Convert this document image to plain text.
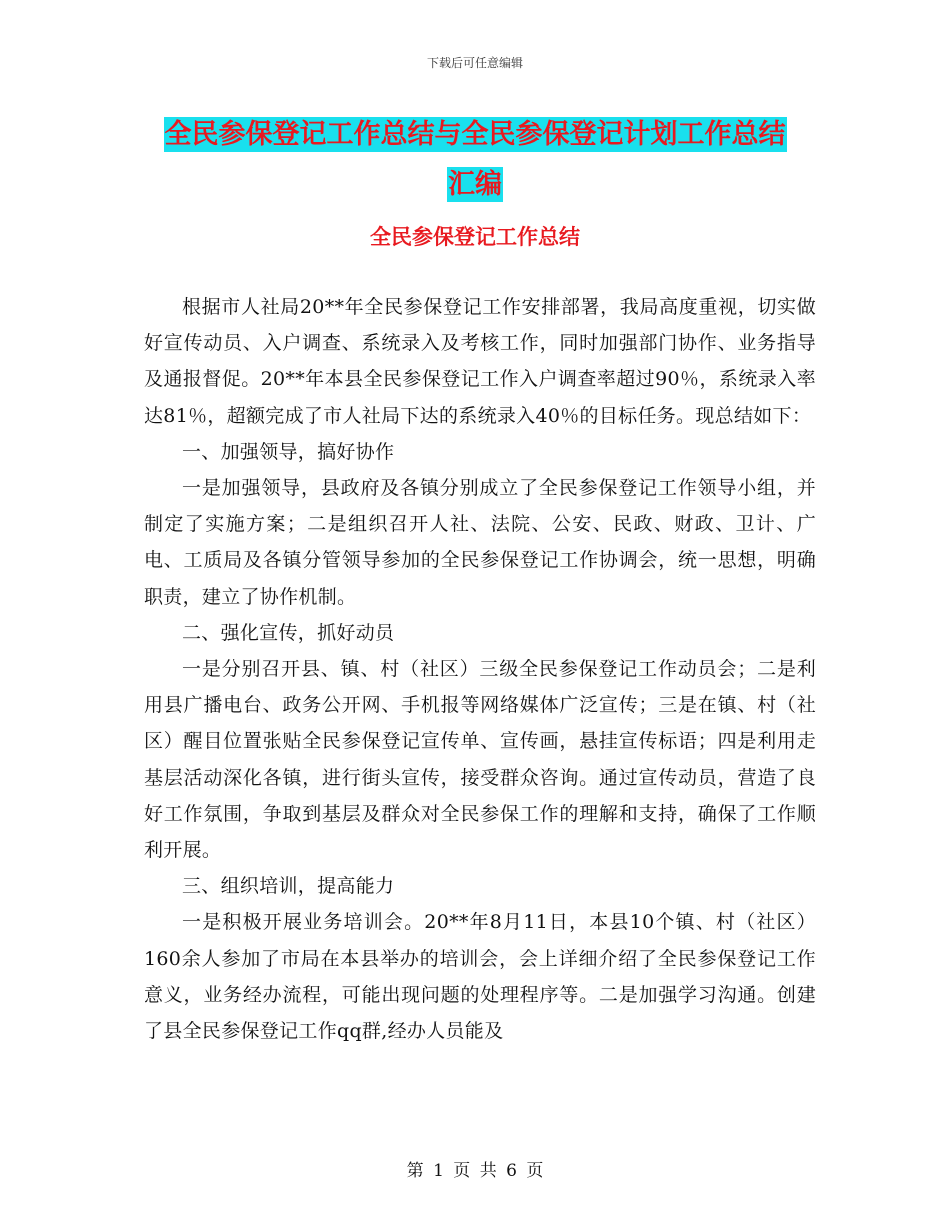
下载后可任意编辑
全民参保登记工作总结与全民参保登记计划工作总结
汇编
全民参保登记工作总结

根据市人社局20**年全民参保登记工作安排部署，我局高度重视，切实做好宣传动员、入户调查、系统录入及考核工作，同时加强部门协作、业务指导及通报督促。20**年本县全民参保登记工作入户调查率超过90％，系统录入率达81％，超额完成了市人社局下达的系统录入40％的目标任务。现总结如下：

一、加强领导，搞好协作

一是加强领导，县政府及各镇分别成立了全民参保登记工作领导小组，并制定了实施方案；二是组织召开人社、法院、公安、民政、财政、卫计、广电、工质局及各镇分管领导参加的全民参保登记工作协调会，统一思想，明确职责，建立了协作机制。

二、强化宣传，抓好动员

一是分别召开县、镇、村（社区）三级全民参保登记工作动员会；二是利用县广播电台、政务公开网、手机报等网络媒体广泛宣传；三是在镇、村（社区）醒目位置张贴全民参保登记宣传单、宣传画，悬挂宣传标语；四是利用走基层活动深化各镇，进行街头宣传，接受群众咨询。通过宣传动员，营造了良好工作氛围，争取到基层及群众对全民参保工作的理解和支持，确保了工作顺利开展。

三、组织培训，提高能力

一是积极开展业务培训会。20**年8月11日，本县10个镇、村（社区）160余人参加了市局在本县举办的培训会，会上详细介绍了全民参保登记工作意义，业务经办流程，可能出现问题的处理程序等。二是加强学习沟通。创建了县全民参保登记工作qq群,经办人员能及

第 1 页 共 6 页
